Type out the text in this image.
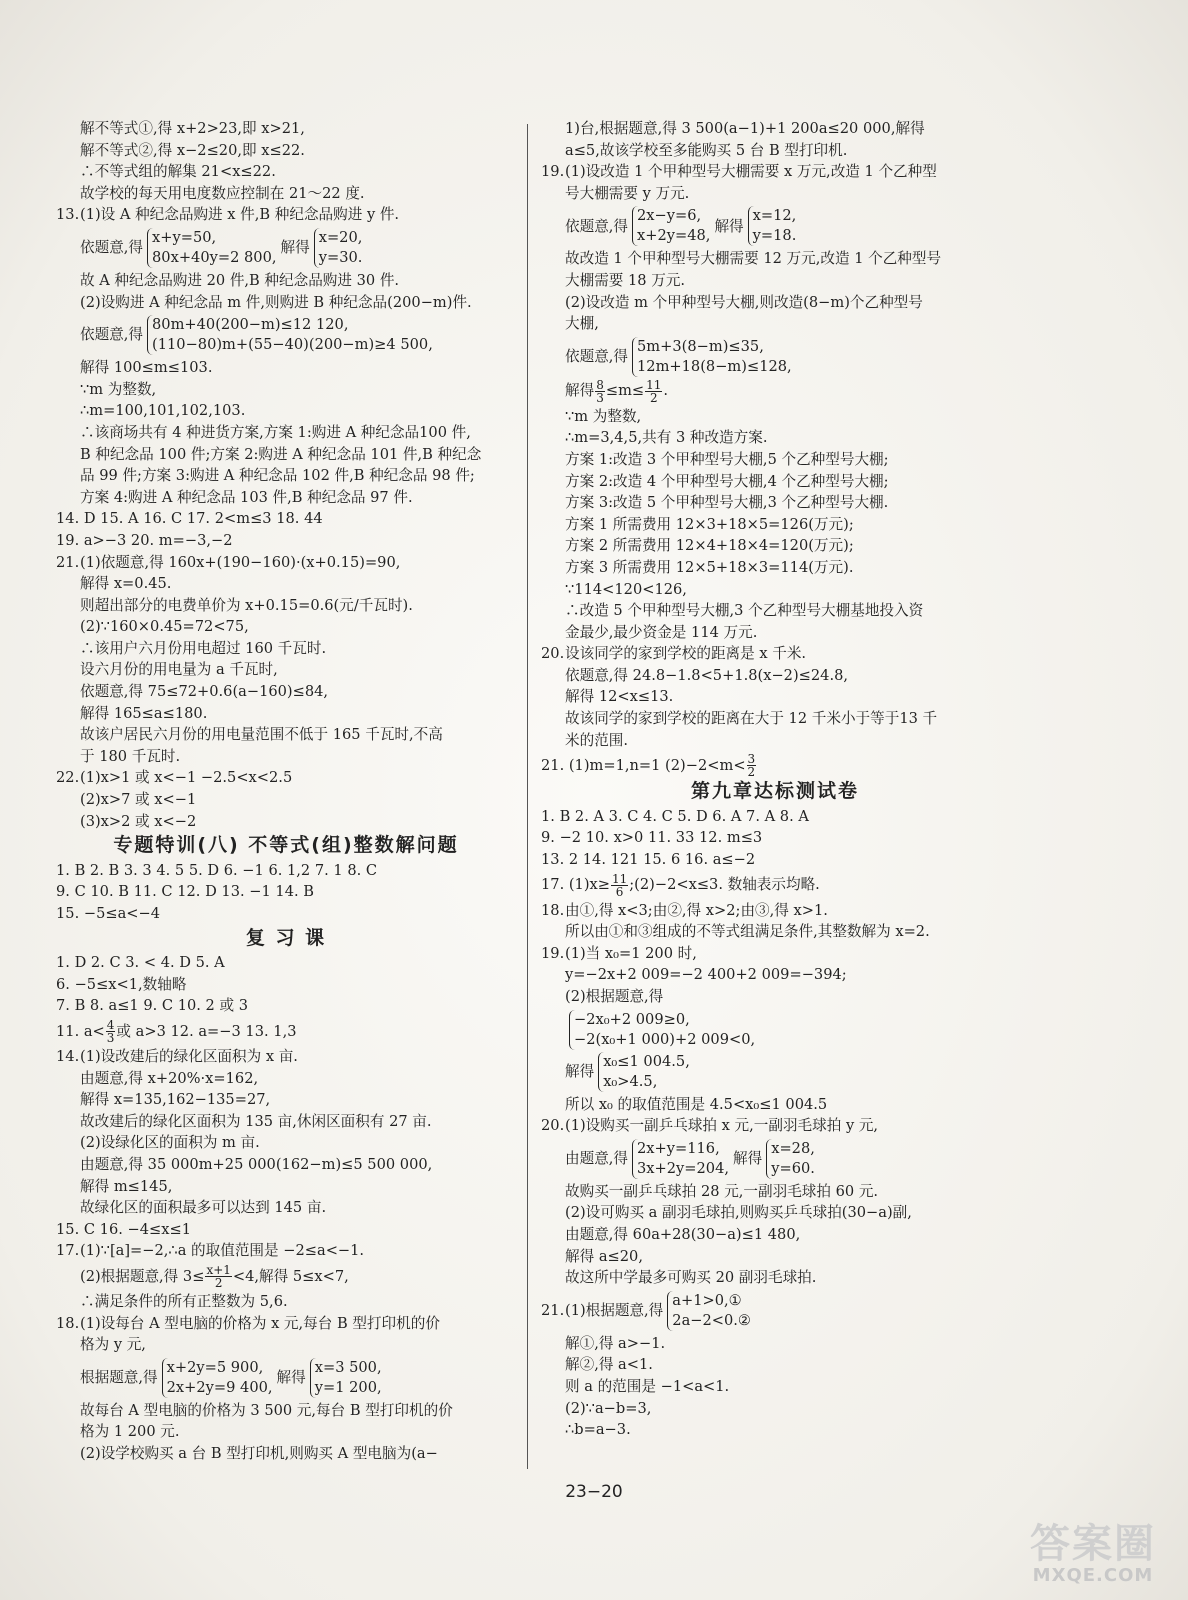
解不等式①,得 x+2>23,即 x>21,
解不等式②,得 x−2≤20,即 x≤22.
∴不等式组的解集 21<x≤22.
故学校的每天用电度数应控制在 21～22 度.
13.(1)设 A 种纪念品购进 x 件,B 种纪念品购进 y 件.
依题意,得
x+y=50,
80x+40y=2 800,
解得
x=20,
y=30.
故 A 种纪念品购进 20 件,B 种纪念品购进 30 件.
(2)设购进 A 种纪念品 m 件,则购进 B 种纪念品(200−m)件.
依题意,得
80m+40(200−m)≤12 120,
(110−80)m+(55−40)(200−m)≥4 500,
解得 100≤m≤103.
∵m 为整数,
∴m=100,101,102,103.
∴该商场共有 4 种进货方案,方案 1:购进 A 种纪念品100 件,
B 种纪念品 100 件;方案 2:购进 A 种纪念品 101 件,B 种纪念
品 99 件;方案 3:购进 A 种纪念品 102 件,B 种纪念品 98 件;
方案 4:购进 A 种纪念品 103 件,B 种纪念品 97 件.
14. D 15. A 16. C 17. 2<m≤3 18. 44
19. a>−3 20. m=−3,−2
21.(1)依题意,得 160x+(190−160)·(x+0.15)=90,
解得 x=0.45.
则超出部分的电费单价为 x+0.15=0.6(元/千瓦时).
(2)∵160×0.45=72<75,
∴该用户六月份用电超过 160 千瓦时.
设六月份的用电量为 a 千瓦时,
依题意,得 75≤72+0.6(a−160)≤84,
解得 165≤a≤180.
故该户居民六月份的用电量范围不低于 165 千瓦时,不高
于 180 千瓦时.
22.(1)x>1 或 x<−1 −2.5<x<2.5
(2)x>7 或 x<−1
(3)x>2 或 x<−2
专题特训(八) 不等式(组)整数解问题
1. B 2. B 3. 3 4. 5 5. D 6. −1 6. 1,2 7. 1 8. C
9. C 10. B 11. C 12. D 13. −1 14. B
15. −5≤a<−4
复 习 课
1. D 2. C 3. < 4. D 5. A
6. −5≤x<1,数轴略
7. B 8. a≤1 9. C 10. 2 或 3
11. $a< \frac{4}{3}$ 或 a>3 12. a=−3 13. 1,3
14.(1)设改建后的绿化区面积为 x 亩.
由题意,得 x+20%·x=162,
解得 x=135,162−135=27,
故改建后的绿化区面积为 135 亩,休闲区面积有 27 亩.
(2)设绿化区的面积为 m 亩.
由题意,得 35 000m+25 000(162−m)≤5 500 000,
解得 m≤145,
故绿化区的面积最多可以达到 145 亩.
15. C 16. −4≤x≤1
17.(1)∵[a]=−2,∴a 的取值范围是 −2≤a<−1.
(2)根据题意,得 $3\le \frac{x+1}{2} <4$,解得 5≤x<7,
∴满足条件的所有正整数为 5,6.
18.(1)设每台 A 型电脑的价格为 x 元,每台 B 型打印机的价
格为 y 元,
根据题意,得
x+2y=5 900,
2x+2y=9 400,
解得
x=3 500,
y=1 200,
故每台 A 型电脑的价格为 3 500 元,每台 B 型打印机的价
格为 1 200 元.
(2)设学校购买 a 台 B 型打印机,则购买 A 型电脑为(a−
1)台,根据题意,得 3 500(a−1)+1 200a≤20 000,解得
a≤5,故该学校至多能购买 5 台 B 型打印机.
19.(1)设改造 1 个甲种型号大棚需要 x 万元,改造 1 个乙种型
号大棚需要 y 万元.
依题意,得
2x−y=6,
x+2y=48,
解得
x=12,
y=18.
故改造 1 个甲种型号大棚需要 12 万元,改造 1 个乙种型号
大棚需要 18 万元.
(2)设改造 m 个甲种型号大棚,则改造(8−m)个乙种型号
大棚,
依题意,得
5m+3(8−m)≤35,
12m+18(8−m)≤128,
解得 $\frac{8}{3} \le m\le \frac{11}{2}$ .
∵m 为整数,
∴m=3,4,5,共有 3 种改造方案.
方案 1:改造 3 个甲种型号大棚,5 个乙种型号大棚;
方案 2:改造 4 个甲种型号大棚,4 个乙种型号大棚;
方案 3:改造 5 个甲种型号大棚,3 个乙种型号大棚.
方案 1 所需费用 12×3+18×5=126(万元);
方案 2 所需费用 12×4+18×4=120(万元);
方案 3 所需费用 12×5+18×3=114(万元).
∵114<120<126,
∴改造 5 个甲种型号大棚,3 个乙种型号大棚基地投入资
金最少,最少资金是 114 万元.
20.设该同学的家到学校的距离是 x 千米.
依题意,得 24.8−1.8<5+1.8(x−2)≤24.8,
解得 12<x≤13.
故该同学的家到学校的距离在大于 12 千米小于等于13 千
米的范围.
21. (1)m=1,n=1 $(2)-2<m< \frac{3}{2}$
第九章达标测试卷
1. B 2. A 3. C 4. C 5. D 6. A 7. A 8. A
9. −2 10. x>0 11. 33 12. m≤3
13. 2 14. 121 15. 6 16. a≤−2
17. $(1)x\ge \frac{11}{6}$ ;(2)−2<x≤3. 数轴表示均略.
18.由①,得 x<3;由②,得 x>2;由③,得 x>1.
所以由①和③组成的不等式组满足条件,其整数解为 x=2.
19.(1)当 x₀=1 200 时,
y=−2x+2 009=−2 400+2 009=−394;
(2)根据题意,得
−2x₀+2 009≥0,
−2(x₀+1 000)+2 009<0,
解得
x₀≤1 004.5,
x₀>4.5,
所以 x₀ 的取值范围是 4.5<x₀≤1 004.5
20.(1)设购买一副乒乓球拍 x 元,一副羽毛球拍 y 元,
由题意,得
2x+y=116,
3x+2y=204,
解得
x=28,
y=60.
故购买一副乒乓球拍 28 元,一副羽毛球拍 60 元.
(2)设可购买 a 副羽毛球拍,则购买乒乓球拍(30−a)副,
由题意,得 60a+28(30−a)≤1 480,
解得 a≤20,
故这所中学最多可购买 20 副羽毛球拍.
21. (1)根据题意,得
a+1>0,①
2a−2<0.②
解①,得 a>−1.
解②,得 a<1.
则 a 的范围是 −1<a<1.
(2)∵a−b=3,
∴b=a−3.
23−20
答案圈
MXQE.COM
